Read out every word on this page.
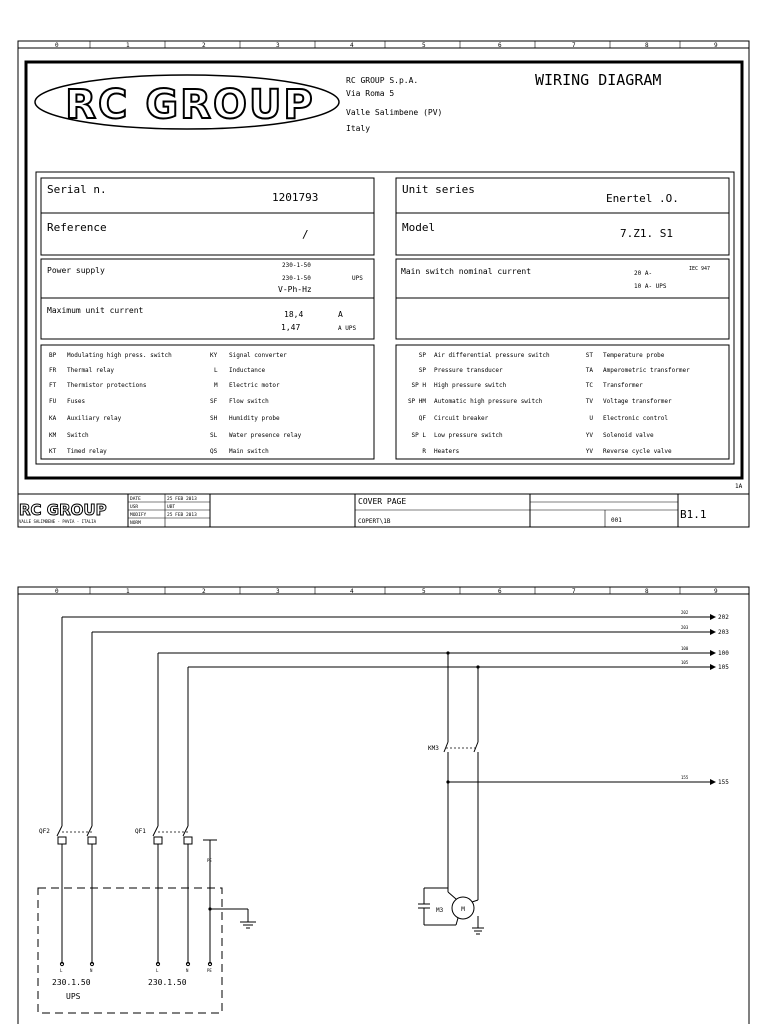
0	1	2	3	4	5	6	7	8	9
RC GROUP
RC GROUP S.p.A.
Via Roma 5
Valle Salimbene (PV)
Italy
WIRING DIAGRAM
Serial n.
1201793
Reference
/
Unit series
Enertel .O.
Model	7.Z1. S1
Power supply
230-1-50
230-1-50	UPS
V-Ph-Hz
Maximum unit current	18,4	A
1,47	A UPS
Main switch nominal current	20 A-
IEC 947
10 A- UPS
BP Modulating high press. switch	KY Signal converter
FR Thermal relay	L Inductance
FT Thermistor protections	M Electric motor
FU Fuses	SF Flow switch
KA Auxiliary relay	SH Humidity probe
KM Switch	SL Water presence relay
KT Timed relay	QS Main switch
SP Air differential pressure switch	ST Temperature probe
SP Pressure transducer	TA Amperometric transformer
SP H High pressure switch	TC Transformer
SP HM Automatic high pressure switch	TV Voltage transformer
QF Circuit breaker	U Electronic control
SP L Low pressure switch	YV Solenoid valve
R Heaters	YV Reverse cycle valve
1A
RC GROUP
VALLE SALIMBENE - PAVIA - ITALIA
DATE	25 FEB 2013
USR	UBT
MODIFY	25 FEB 2013
NORM
COVER PAGE
COPERT\1B	001	B1.1
0	1	2	3	4	5	6	7	8	9
202
203
100
105
155
202
203
100
105
155
QF2	QF1
PE
L	N	L	N	PE
230.1.50
UPS
230.1.50
KM3
M
M3
